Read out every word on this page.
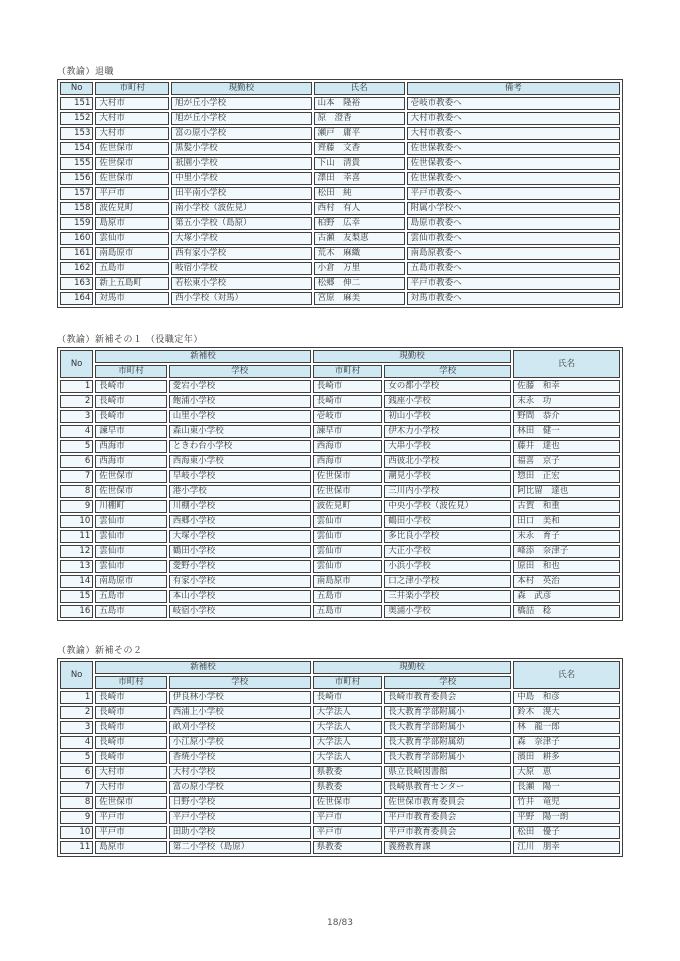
（教諭）退職
No	市町村	現勤校	氏名	備考
151	大村市	旭が丘小学校	山本　隆裕	壱岐市教委へ
152	大村市	旭が丘小学校	原　澄香	大村市教委へ
153	大村市	富の原小学校	瀬戸　庸平	大村市教委へ
154	佐世保市	黒髪小学校	齊藤　文香	佐世保教委へ
155	佐世保市	祇園小学校	下山　清貴	佐世保教委へ
156	佐世保市	中里小学校	澤田　幸喜	佐世保教委へ
157	平戸市	田平南小学校	松田　純	平戸市教委へ
158	波佐見町	南小学校（波佐見）	西村　有人	附属小学校へ
159	島原市	第五小学校（島原）	柏野　広幸	島原市教委へ
160	雲仙市	大塚小学校	古瀬　友梨恵	雲仙市教委へ
161	南島原市	西有家小学校	荒木　麻織	南島原教委へ
162	五島市	岐宿小学校	小倉　万里	五島市教委へ
163	新上五島町	若松東小学校	松郷　伸二	平戸市教委へ
164	対馬市	西小学校（対馬）	宮原　麻美	対馬市教委へ
（教諭）新補その１ （役職定年）
No	新補校		現勤校		氏名
	市町村	学校	市町村	学校	
1	長崎市	愛宕小学校	長崎市	女の都小学校	佐藤　和幸
2	長崎市	飽浦小学校	長崎市	銭座小学校	末永　功
3	長崎市	山里小学校	壱岐市	初山小学校	野間　恭介
4	諫早市	森山東小学校	諫早市	伊木力小学校	林田　健一
5	西海市	ときわ台小学校	西海市	大串小学校	藤井　達也
6	西海市	西海東小学校	西海市	西彼北小学校	福喜　京子
7	佐世保市	早岐小学校	佐世保市	潮見小学校	惣田　正宏
8	佐世保市	港小学校	佐世保市	三川内小学校	阿比留　達也
9	川棚町	川棚小学校	波佐見町	中央小学校（波佐見）	古賀　和重
10	雲仙市	西郷小学校	雲仙市	鶴田小学校	田口　美和
11	雲仙市	大塚小学校	雲仙市	多比良小学校	末永　育子
12	雲仙市	鶴田小学校	雲仙市	大正小学校	峰添　奈津子
13	雲仙市	愛野小学校	雲仙市	小浜小学校	原田　和也
14	南島原市	有家小学校	南島原市	口之津小学校	本村　英治
15	五島市	本山小学校	五島市	三井楽小学校	森　武彦
16	五島市	岐宿小学校	五島市	奥浦小学校	橋詰　稔
（教諭）新補その２
No	新補校		現勤校		氏名
	市町村	学校	市町村	学校	
1	長崎市	伊良林小学校	長崎市	長崎市教育委員会	中島　和彦
2	長崎市	西浦上小学校	大学法人	長大教育学部附属小	鈴木　滉大
3	長崎市	畝刈小学校	大学法人	長大教育学部附属小	林　龍一郎
4	長崎市	小江原小学校	大学法人	長大教育学部附属幼	森　奈津子
5	長崎市	香焼小学校	大学法人	長大教育学部附属小	濱田　耕多
6	大村市	大村小学校	県教委	県立長崎図書館	大原　恵
7	大村市	富の原小学校	県教委	長崎県教育センター	長瀬　陽一
8	佐世保市	日野小学校	佐世保市	佐世保市教育委員会	竹井　竜児
9	平戸市	平戸小学校	平戸市	平戸市教育委員会	平野　陽一朗
10	平戸市	田助小学校	平戸市	平戸市教育委員会	松田　優子
11	島原市	第二小学校（島原）	県教委	義務教育課	江川　朋幸
18/83
